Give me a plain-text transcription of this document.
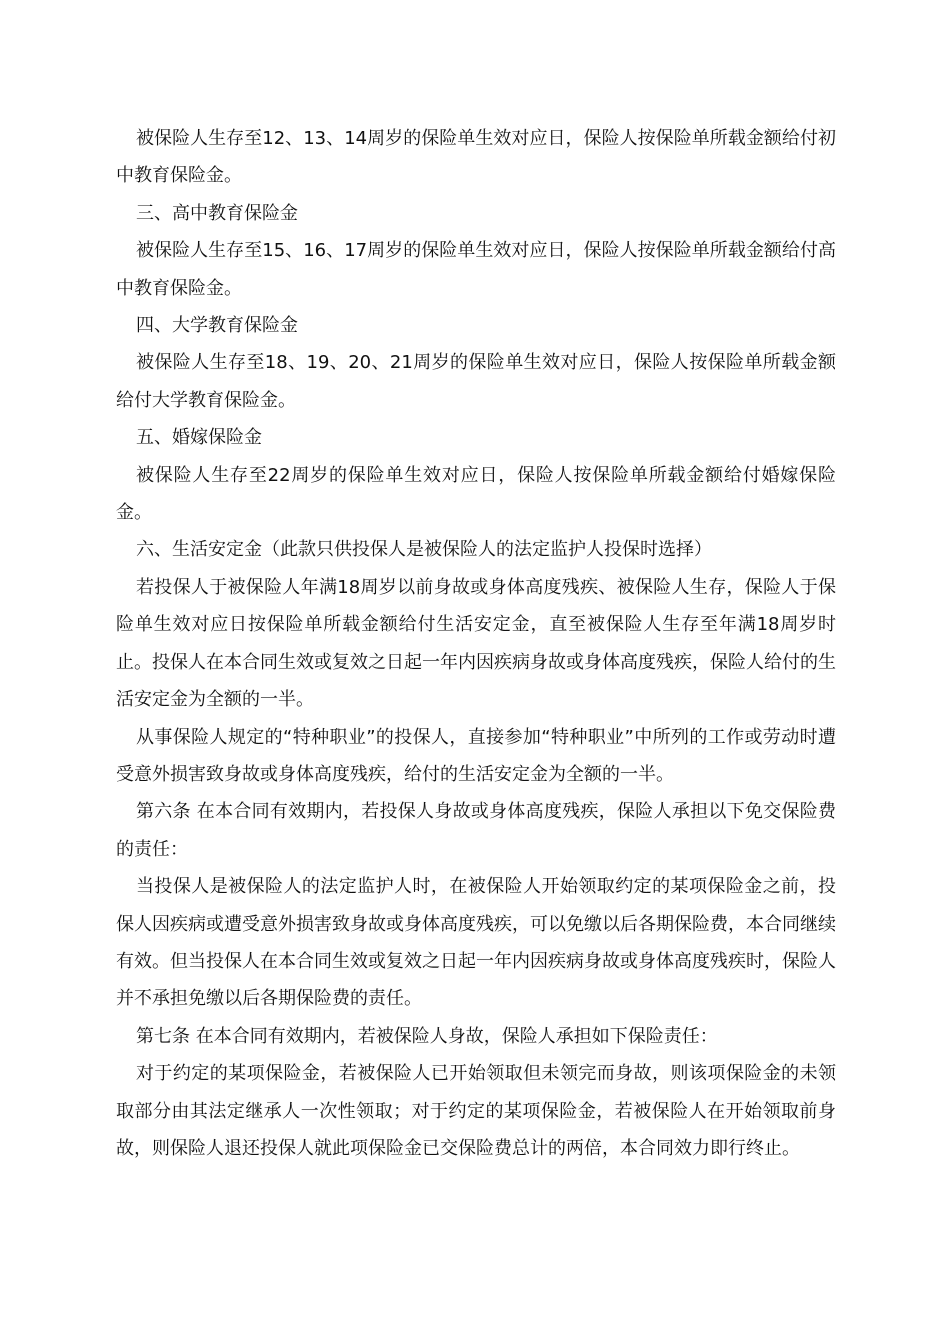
被保险人生存至12、13、14周岁的保险单生效对应日，保险人按保险单所载金额给付初中教育保险金。

三、高中教育保险金

被保险人生存至15、16、17周岁的保险单生效对应日，保险人按保险单所载金额给付高中教育保险金。

四、大学教育保险金

被保险人生存至18、19、20、21周岁的保险单生效对应日，保险人按保险单所载金额给付大学教育保险金。

五、婚嫁保险金

被保险人生存至22周岁的保险单生效对应日，保险人按保险单所载金额给付婚嫁保险金。

六、生活安定金（此款只供投保人是被保险人的法定监护人投保时选择）

若投保人于被保险人年满18周岁以前身故或身体高度残疾、被保险人生存，保险人于保险单生效对应日按保险单所载金额给付生活安定金，直至被保险人生存至年满18周岁时止。投保人在本合同生效或复效之日起一年内因疾病身故或身体高度残疾，保险人给付的生活安定金为全额的一半。

从事保险人规定的“特种职业”的投保人，直接参加“特种职业”中所列的工作或劳动时遭受意外损害致身故或身体高度残疾，给付的生活安定金为全额的一半。

第六条 在本合同有效期内，若投保人身故或身体高度残疾，保险人承担以下免交保险费的责任：

当投保人是被保险人的法定监护人时，在被保险人开始领取约定的某项保险金之前，投保人因疾病或遭受意外损害致身故或身体高度残疾，可以免缴以后各期保险费，本合同继续有效。但当投保人在本合同生效或复效之日起一年内因疾病身故或身体高度残疾时，保险人并不承担免缴以后各期保险费的责任。

第七条 在本合同有效期内，若被保险人身故，保险人承担如下保险责任：

对于约定的某项保险金，若被保险人已开始领取但未领完而身故，则该项保险金的未领取部分由其法定继承人一次性领取；对于约定的某项保险金，若被保险人在开始领取前身故，则保险人退还投保人就此项保险金已交保险费总计的两倍，本合同效力即行终止。
